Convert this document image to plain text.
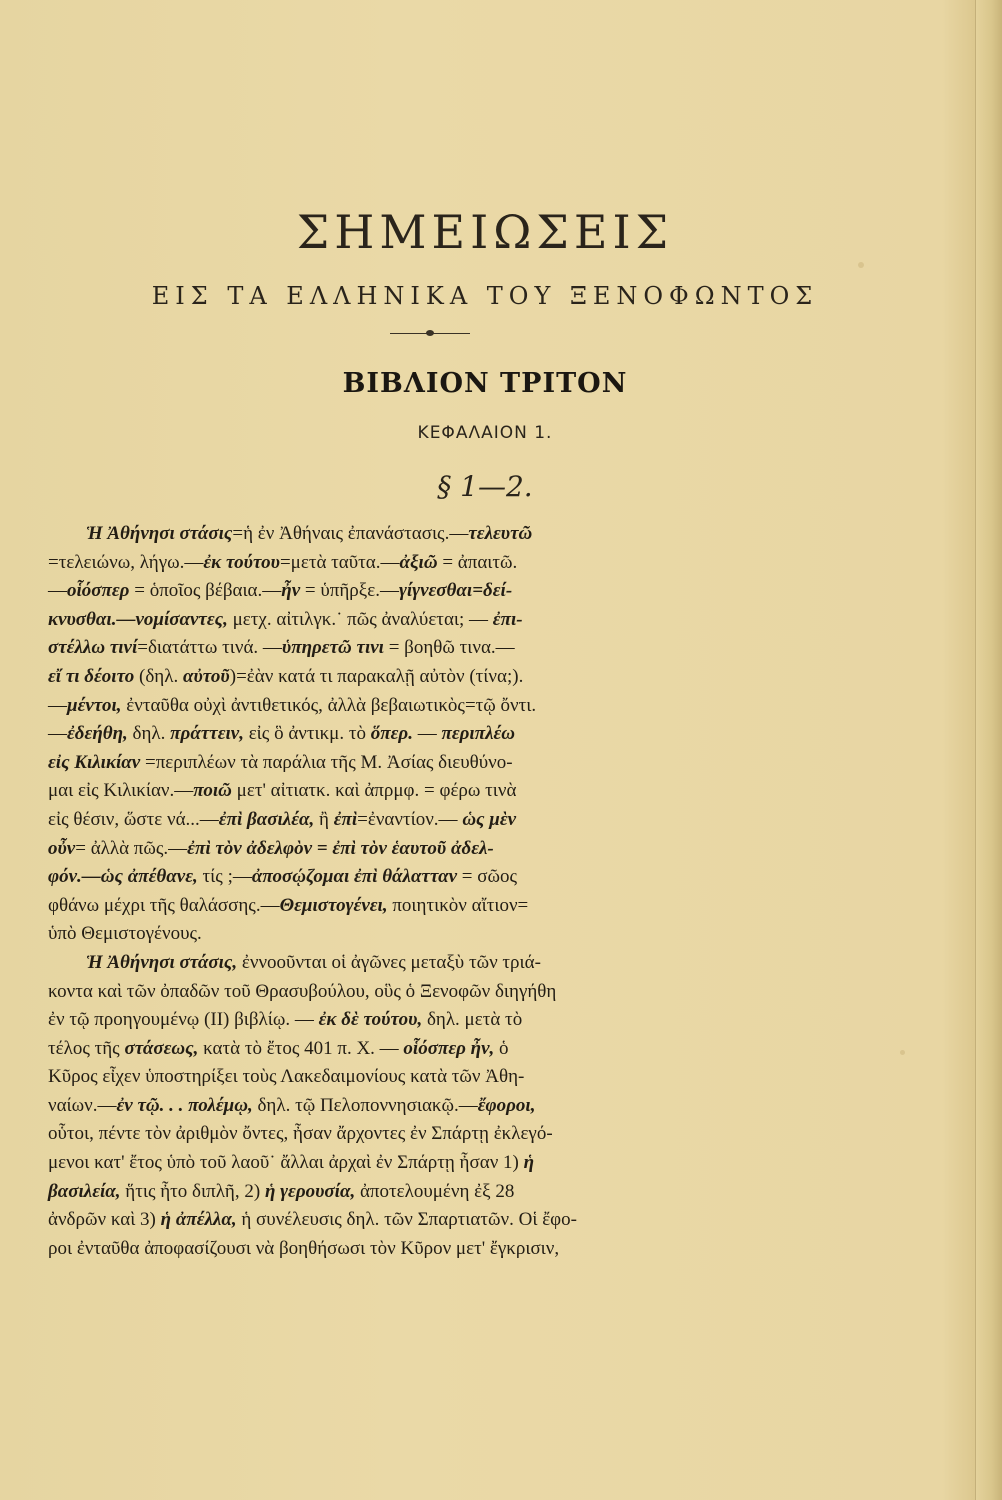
ΣΗΜΕΙΩΣΕΙΣ
ΕΙΣ ΤΑ ΕΛΛΗΝΙΚΑ ΤΟΥ ΞΕΝΟΦΩΝΤΟΣ
ΒΙΒΛΙΟΝ ΤΡΙΤΟΝ
ΚΕΦΑΛΑΙΟΝ 1.
§ 1—2.
Ἡ Ἀθήνησι στάσις=ἡ ἐν Ἀθήναις ἐπανάστασις.—τελευτῶ
=τελειώνω, λήγω.—ἐκ τούτου=μετὰ ταῦτα.—ἀξιῶ = ἀπαιτῶ.
—οἷόσπερ = ὁποῖος βέβαια.—ἦν = ὑπῆρξε.—γίγνεσθαι=δεί-
κνυσθαι.—νομίσαντες, μετχ. αἰτιλγκ.˙ πῶς ἀναλύεται; — ἐπι-
στέλλω τινί=διατάττω τινά. —ὑπηρετῶ τινι = βοηθῶ τινα.—
εἴ τι δέοιτο (δηλ. αὐτοῦ)=ἐὰν κατά τι παρακαλῇ αὐτὸν (τίνα;).
—μέντοι, ἐνταῦθα οὐχὶ ἀντιθετικός, ἀλλὰ βεβαιωτικὸς=τῷ ὄντι.
—ἐδεήθη, δηλ. πράττειν, εἰς ὃ ἀντικμ. τὸ ὅπερ. — περιπλέω
εἰς Κιλικίαν =περιπλέων τὰ παράλια τῆς Μ. Ἀσίας διευθύνο-
μαι εἰς Κιλικίαν.—ποιῶ μετ' αἰτιατκ. καὶ ἀπρμφ. = φέρω τινὰ
εἰς θέσιν, ὥστε νά...—ἐπὶ βασιλέα, ἢ ἐπὶ=ἐναντίον.— ὡς μὲν
οὖν= ἀλλὰ πῶς.—ἐπὶ τὸν ἀδελφὸν = ἐπὶ τὸν ἑαυτοῦ ἀδελ-
φόν.—ὡς ἀπέθανε, τίς ;—ἀποσῴζομαι ἐπὶ θάλατταν = σῶος
φθάνω μέχρι τῆς θαλάσσης.—Θεμιστογένει, ποιητικὸν αἴτιον=
ὑπὸ Θεμιστογένους.
Ἡ Ἀθήνησι στάσις, ἐννοοῦνται οἱ ἀγῶνες μεταξὺ τῶν τριά-
κοντα καὶ τῶν ὀπαδῶν τοῦ Θρασυβούλου, οὓς ὁ Ξενοφῶν διηγήθη
ἐν τῷ προηγουμένῳ (ΙΙ) βιβλίῳ. — ἐκ δὲ τούτου, δηλ. μετὰ τὸ
τέλος τῆς στάσεως, κατὰ τὸ ἔτος 401 π. Χ. — οἷόσπερ ἦν, ὁ
Κῦρος εἶχεν ὑποστηρίξει τοὺς Λακεδαιμονίους κατὰ τῶν Ἀθη-
ναίων.—ἐν τῷ. . . πολέμῳ, δηλ. τῷ Πελοποννησιακῷ.—ἔφοροι,
οὗτοι, πέντε τὸν ἀριθμὸν ὄντες, ἦσαν ἄρχοντες ἐν Σπάρτῃ ἐκλεγό-
μενοι κατ' ἔτος ὑπὸ τοῦ λαοῦ˙ ἄλλαι ἀρχαὶ ἐν Σπάρτῃ ἦσαν 1) ἡ
βασιλεία, ἥτις ἦτο διπλῆ, 2) ἡ γερουσία, ἀποτελουμένη ἐξ 28
ἀνδρῶν καὶ 3) ἡ ἀπέλλα, ἡ συνέλευσις δηλ. τῶν Σπαρτιατῶν. Οἱ ἔφο-
ροι ἐνταῦθα ἀποφασίζουσι νὰ βοηθήσωσι τὸν Κῦρον μετ' ἔγκρισιν,
